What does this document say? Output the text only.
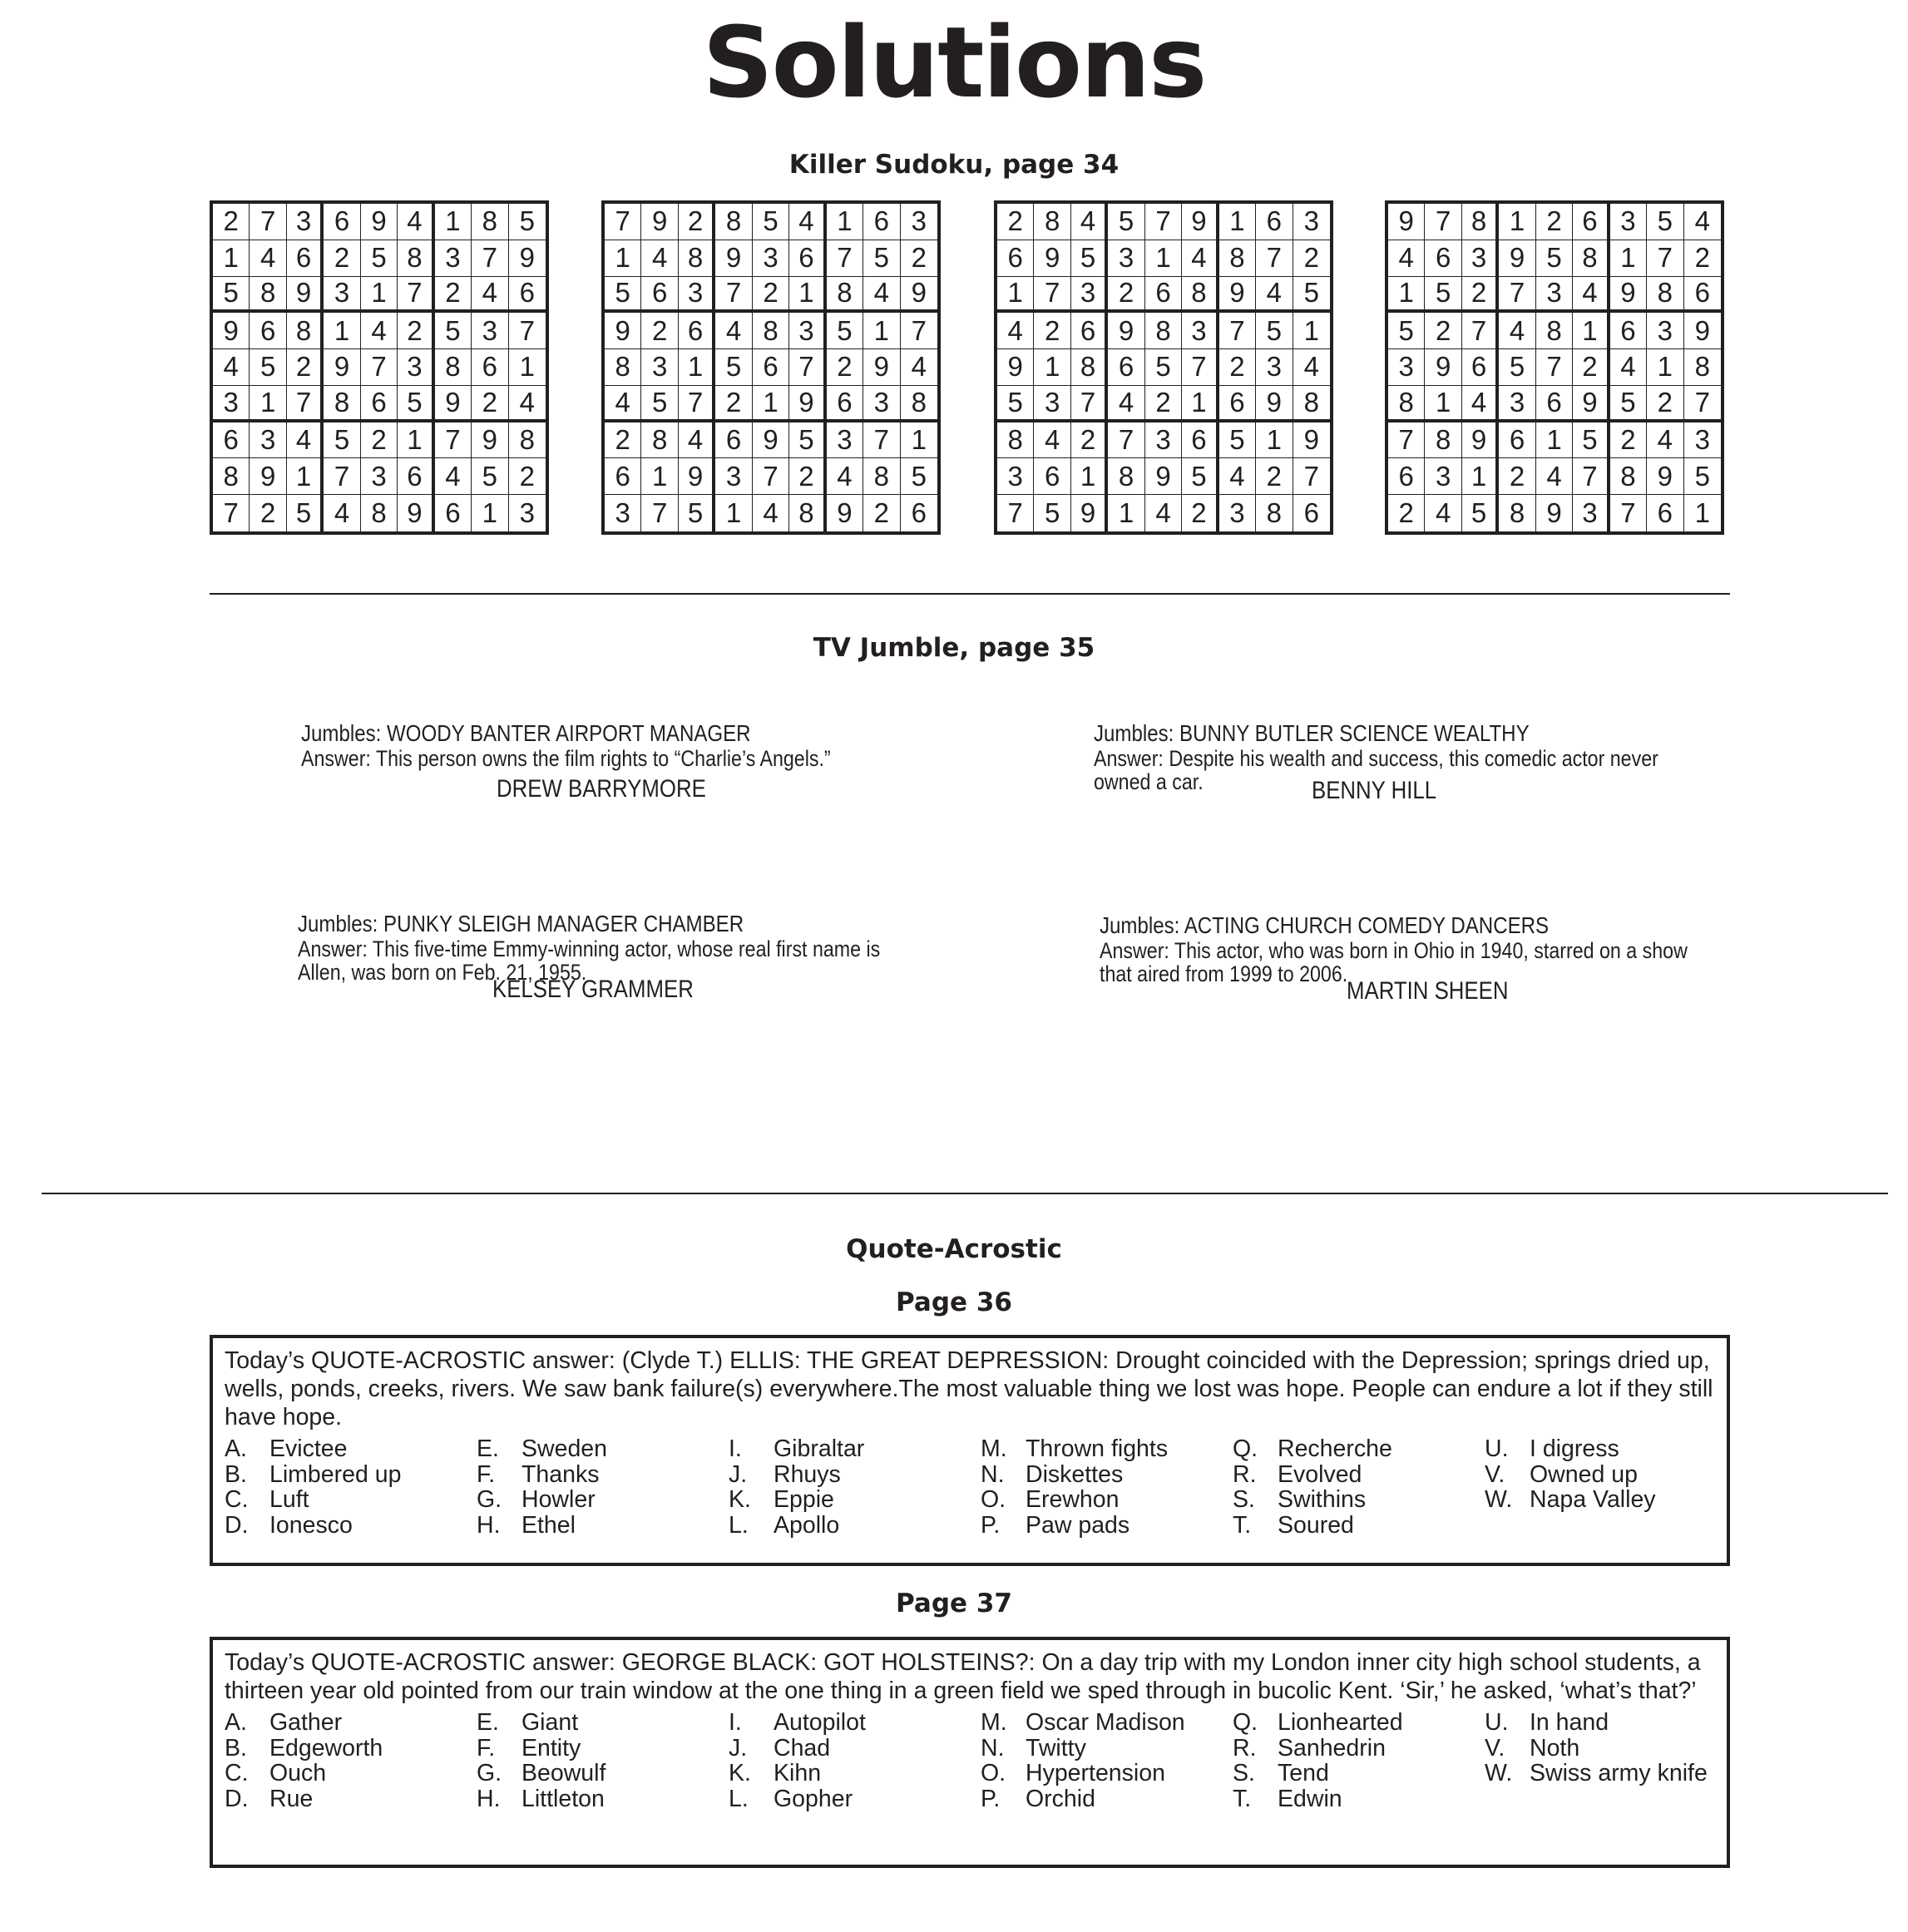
Solutions
Killer Sudoku, page 34
2 7 3 6 9 4 1 8 5
1 4 6 2 5 8 3 7 9
5 8 9 3 1 7 2 4 6
9 6 8 1 4 2 5 3 7
4 5 2 9 7 3 8 6 1
3 1 7 8 6 5 9 2 4
6 3 4 5 2 1 7 9 8
8 9 1 7 3 6 4 5 2
7 2 5 4 8 9 6 1 3
7 9 2 8 5 4 1 6 3
1 4 8 9 3 6 7 5 2
5 6 3 7 2 1 8 4 9
9 2 6 4 8 3 5 1 7
8 3 1 5 6 7 2 9 4
4 5 7 2 1 9 6 3 8
2 8 4 6 9 5 3 7 1
6 1 9 3 7 2 4 8 5
3 7 5 1 4 8 9 2 6
2 8 4 5 7 9 1 6 3
6 9 5 3 1 4 8 7 2
1 7 3 2 6 8 9 4 5
4 2 6 9 8 3 7 5 1
9 1 8 6 5 7 2 3 4
5 3 7 4 2 1 6 9 8
8 4 2 7 3 6 5 1 9
3 6 1 8 9 5 4 2 7
7 5 9 1 4 2 3 8 6
9 7 8 1 2 6 3 5 4
4 6 3 9 5 8 1 7 2
1 5 2 7 3 4 9 8 6
5 2 7 4 8 1 6 3 9
3 9 6 5 7 2 4 1 8
8 1 4 3 6 9 5 2 7
7 8 9 6 1 5 2 4 3
6 3 1 2 4 7 8 9 5
2 4 5 8 9 3 7 6 1
TV Jumble, page 35
Jumbles: WOODY BANTER AIRPORT MANAGER
Answer: This person owns the film rights to “Charlie’s Angels.”
DREW BARRYMORE
Jumbles: BUNNY BUTLER SCIENCE WEALTHY
Answer: Despite his wealth and success, this comedic actor never owned a car.	BENNY HILL
Jumbles: PUNKY SLEIGH MANAGER CHAMBER
Answer: This five-time Emmy-winning actor, whose real first name is Allen, was born on Feb. 21, 1955.
KELSEY GRAMMER
Jumbles: ACTING CHURCH COMEDY DANCERS
Answer: This actor, who was born in Ohio in 1940, starred on a show that aired from 1999 to 2006.
MARTIN SHEEN
Quote-Acrostic
Page 36
Today’s QUOTE-ACROSTIC answer: (Clyde T.) ELLIS: THE GREAT DEPRESSION: Drought coincided with the Depression; springs dried up, wells, ponds, creeks, rivers. We saw bank failure(s) everywhere.The most valuable thing we lost was hope. People can endure a lot if they still have hope.
A. Evictee
B. Limbered up
C. Luft
D. Ionesco
E. Sweden
F.	Thanks
G. Howler
H. Ethel
I.	Gibraltar
J.	Rhuys
K. Eppie
L.	Apollo
M. Thrown fights
N. Diskettes
O. Erewhon
P.	Paw pads
Q. Recherche
R. Evolved
S. Swithins
T.	Soured
U. I digress
V.	Owned up
W. Napa Valley
Page 37
Today’s QUOTE-ACROSTIC answer: GEORGE BLACK: GOT HOLSTEINS?: On a day trip with my London inner city high school students, a thirteen year old pointed from our train window at the one thing in a green field we sped through in bucolic Kent. ‘Sir,’ he asked, ‘what’s that?’
A. Gather
B. Edgeworth
C. Ouch
D. Rue
E. Giant
F.	Entity
G. Beowulf
H. Littleton
I.	Autopilot
J.	Chad
K. Kihn
L.	Gopher
M. Oscar Madison
N. Twitty
O. Hypertension
P.	Orchid
Q. Lionhearted
R. Sanhedrin
S. Tend
T.	Edwin
U. In hand
V.	Noth
W. Swiss army knife
